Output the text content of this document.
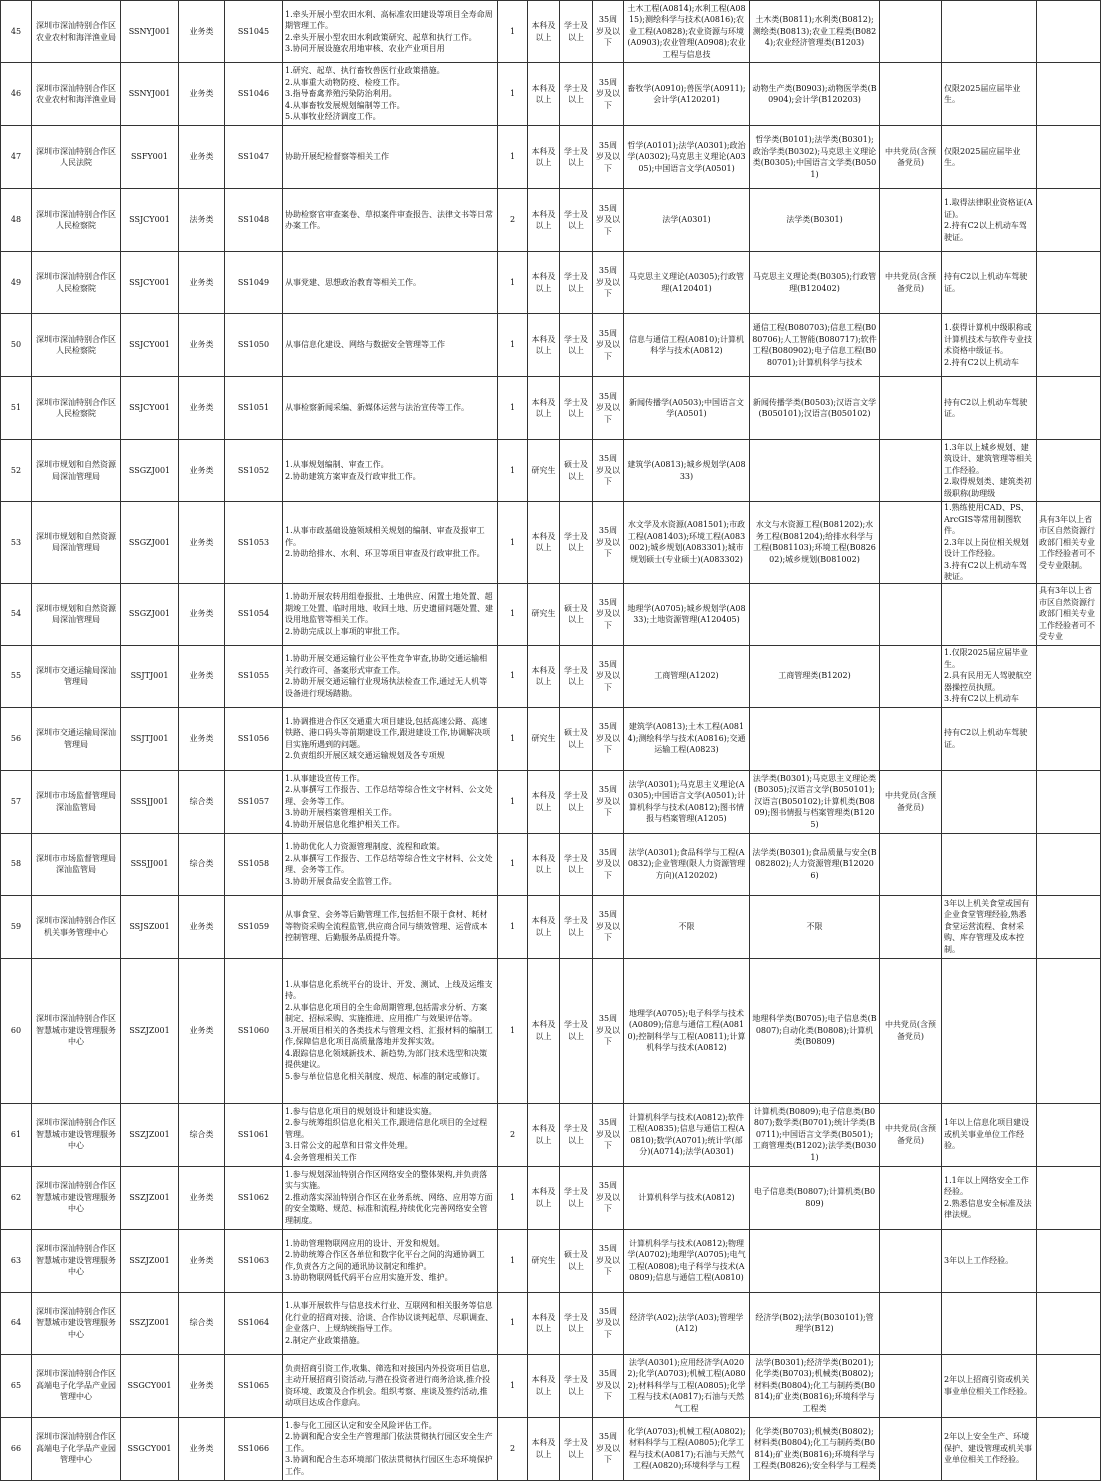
45	深圳市深汕特别合作区农业农村和海洋渔业局	SSNYJ001	业务类	SS1045	1.牵头开展小型农田水利、高标准农田建设等项目全寿命周期管理工作。
2.牵头开展小型农田水利政策研究、起草和执行工作。
3.协同开展设施农用地审核、农业产业项目用	1	本科及以上	学士及以上	35周岁及以下	土木工程(A0814);水利工程(A0815);测绘科学与技术(A0816);农业工程(A0828);农业资源与环境(A0903);农业管理(A0908);农业工程与信息技	土木类(B0811);水利类(B0812);测绘类(B0813);农业工程类(B0824);农业经济管理类(B1203)			
46	深圳市深汕特别合作区农业农村和海洋渔业局	SSNYJ001	业务类	SS1046	1.研究、起草、执行畜牧兽医行业政策措施。
2.从事重大动物防疫、检疫工作。
3.指导畜禽养殖污染防治利用。
4.从事畜牧发展规划编制等工作。
5.从事牧业经济调度工作。	1	本科及以上	学士及以上	35周岁及以下	畜牧学(A0910);兽医学(A0911);会计学(A120201)	动物生产类(B0903);动物医学类(B0904);会计学(B120203)		仅限2025届应届毕业生。	
47	深圳市深汕特别合作区人民法院	SSFY001	业务类	SS1047	协助开展纪检督察等相关工作	1	本科及以上	学士及以上	35周岁及以下	哲学(A0101);法学(A0301);政治学(A0302);马克思主义理论(A0305);中国语言文学(A0501)	哲学类(B0101);法学类(B0301);政治学类(B0302);马克思主义理论类(B0305);中国语言文学类(B0501)	中共党员(含预备党员)	仅限2025届应届毕业生。	
48	深圳市深汕特别合作区人民检察院	SSJCY001	法务类	SS1048	协助检察官审查案卷、草拟案件审查报告、法律文书等日常办案工作。	2	本科及以上	学士及以上	35周岁及以下	法学(A0301)	法学类(B0301)		1.取得法律职业资格证(A证)。
2.持有C2以上机动车驾驶证。	
49	深圳市深汕特别合作区人民检察院	SSJCY001	业务类	SS1049	从事党建、思想政治教育等相关工作。	1	本科及以上	学士及以上	35周岁及以下	马克思主义理论(A0305);行政管理(A120401)	马克思主义理论类(B0305);行政管理(B120402)	中共党员(含预备党员)	持有C2以上机动车驾驶证。	
50	深圳市深汕特别合作区人民检察院	SSJCY001	业务类	SS1050	从事信息化建设、网络与数据安全管理等工作	1	本科及以上	学士及以上	35周岁及以下	信息与通信工程(A0810);计算机科学与技术(A0812)	通信工程(B080703);信息工程(B080706);人工智能(B080717);软件工程(B080902);电子信息工程(B080701);计算机科学与技术		1.获得计算机中级职称或计算机技术与软件专业技术资格中级证书。
2.持有C2以上机动车	
51	深圳市深汕特别合作区人民检察院	SSJCY001	业务类	SS1051	从事检察新闻采编、新媒体运营与法治宣传等工作。	1	本科及以上	学士及以上	35周岁及以下	新闻传播学(A0503);中国语言文学(A0501)	新闻传播学类(B0503);汉语言文学(B050101);汉语言(B050102)		持有C2以上机动车驾驶证。	
52	深圳市规划和自然资源局深汕管理局	SSGZJ001	业务类	SS1052	1.从事规划编制、审查工作。
2.协助建筑方案审查及行政审批工作。	1	研究生	硕士及以上	35周岁及以下	建筑学(A0813);城乡规划学(A0833)			1.3年以上城乡规划、建筑设计、建筑管理等相关工作经验。
2.取得规划类、建筑类初级职称(助理级	
53	深圳市规划和自然资源局深汕管理局	SSGZJ001	业务类	SS1053	1.从事市政基础设施领域相关规划的编制、审查及报审工作。
2.协助给排水、水利、环卫等项目审查及行政审批工作。	1	本科及以上	学士及以上	35周岁及以下	水文学及水资源(A081501);市政工程(A081403);环境工程(A083002);城乡规划(A083301);城市规划硕士(专业硕士)(A083302)	水文与水资源工程(B081202);水务工程(B081204);给排水科学与工程(B081103);环境工程(B082602);城乡规划(B081002)		1.熟练使用CAD、PS、ArcGIS等常用制图软件。
2.3年以上岗位相关规划设计工作经验。
3.持有C2以上机动车驾驶证。	具有3年以上省市区自然资源行政部门相关专业工作经验者可不受专业限制。
54	深圳市规划和自然资源局深汕管理局	SSGZJ001	业务类	SS1054	1.协助开展农转用组卷报批、土地供应、闲置土地处置、超期竣工处置、临时用地、收回土地、历史遗留问题处置、建设用地监管等相关工作。
2.协助完成以上事项的审批工作。	1	研究生	硕士及以上	35周岁及以下	地理学(A0705);城乡规划学(A0833);土地资源管理(A120405)				具有3年以上省市区自然资源行政部门相关专业工作经验者可不受专业
55	深圳市交通运输局深汕管理局	SSJTJ001	业务类	SS1055	1.协助开展交通运输行业公平性竞争审查,协助交通运输相关行政许可、备案形式审查工作。
2.协助开展交通运输行业现场执法检查工作,通过无人机等设备进行现场踏勘。	1	本科及以上	学士及以上	35周岁及以下	工商管理(A1202)	工商管理类(B1202)		1.仅限2025届应届毕业生。
2.具有民用无人驾驶航空器操控员执照。
3.持有C2以上机动车	
56	深圳市交通运输局深汕管理局	SSJTJ001	业务类	SS1056	1.协调推进合作区交通重大项目建设,包括高速公路、高速铁路、港口码头等前期建设工作,跟进建设工作,协调解决项目实施所遇到的问题。
2.负责组织开展区域交通运输规划及各专项规	1	研究生	硕士及以上	35周岁及以下	建筑学(A0813);土木工程(A0814);测绘科学与技术(A0816);交通运输工程(A0823)			持有C2以上机动车驾驶证。	
57	深圳市市场监督管理局深汕监管局	SSSJJ001	综合类	SS1057	1.从事建设宣传工作。
2.从事撰写工作报告、工作总结等综合性文字材料、公文处理、会务等工作。
3.协助开展档案管理相关工作。
4.协助开展信息化维护相关工作。	1	本科及以上	学士及以上	35周岁及以下	法学(A0301);马克思主义理论(A0305);中国语言文学(A0501);计算机科学与技术(A0812);图书情报与档案管理(A1205)	法学类(B0301);马克思主义理论类(B0305);汉语言文学(B050101);汉语言(B050102);计算机类(B0809);图书情报与档案管理类(B1205)	中共党员(含预备党员)		
58	深圳市市场监督管理局深汕监管局	SSSJJ001	综合类	SS1058	1.协助优化人力资源管理制度、流程和政策。
2.从事撰写工作报告、工作总结等综合性文字材料、公文处理、会务等工作。
3.协助开展食品安全监管工作。	1	本科及以上	学士及以上	35周岁及以下	法学(A0301);食品科学与工程(A0832);企业管理(限人力资源管理方向)(A120202)	法学类(B0301);食品质量与安全(B082802);人力资源管理(B120206)			
59	深圳市深汕特别合作区机关事务管理中心	SSJSZ001	业务类	SS1059	从事食堂、会务等后勤管理工作,包括但不限于食材、耗材等物资采购全流程监管,供应商合同与绩效管理、运营成本控制管理、后勤服务品质提升等。	1	本科及以上	学士及以上	35周岁及以下	不限	不限		3年以上机关食堂或国有企业食堂管理经验,熟悉食堂运营流程、食材采购、库存管理及成本控制。	
60	深圳市深汕特别合作区智慧城市建设管理服务中心	SSZJZ001	业务类	SS1060	1.从事信息化系统平台的设计、开发、测试、上线及运维支持。
2.从事信息化项目的全生命周期管理,包括需求分析、方案制定、招标采购、实施推进、应用推广与效果评估等。
3.开展项目相关的各类技术与管理文档、汇报材料的编制工作,保障信息化项目高质量落地并发挥实效。
4.跟踪信息化领域新技术、新趋势,为部门技术选型和决策提供建议。
5.参与单位信息化相关制度、规范、标准的制定或修订。	1	本科及以上	学士及以上	35周岁及以下	地理学(A0705);电子科学与技术(A0809);信息与通信工程(A0810);控制科学与工程(A0811);计算机科学与技术(A0812)	地理科学类(B0705);电子信息类(B0807);自动化类(B0808);计算机类(B0809)	中共党员(含预备党员)		
61	深圳市深汕特别合作区智慧城市建设管理服务中心	SSZJZ001	综合类	SS1061	1.参与信息化项目的规划设计和建设实施。
2.参与统筹组织信息化相关工作,跟进信息化项目的全过程管理。
3.日常公文的起草和日常文件处理。
4.会务管理相关工作	2	本科及以上	学士及以上	35周岁及以下	计算机科学与技术(A0812);软件工程(A0835);信息与通信工程(A0810);数学(A0701);统计学(部分)(A0714);法学(A0301)	计算机类(B0809);电子信息类(B0807);数学类(B0701);统计学类(B0711);中国语言文学类(B0501);工商管理类(B1202);法学类(B0301)	中共党员(含预备党员)	1年以上信息化项目建设或机关事业单位工作经验。	
62	深圳市深汕特别合作区智慧城市建设管理服务中心	SSZJZ001	业务类	SS1062	1.参与规划深汕特别合作区网络安全的整体架构,并负责落实与实施。
2.推动落实深汕特别合作区在业务系统、网络、应用等方面的安全策略、规范、标准和流程,持续优化完善网络安全管理制度。	1	本科及以上	学士及以上	35周岁及以下	计算机科学与技术(A0812)	电子信息类(B0807);计算机类(B0809)		1.1年以上网络安全工作经验。
2.熟悉信息安全标准及法律法规。	
63	深圳市深汕特别合作区智慧城市建设管理服务中心	SSZJZ001	业务类	SS1063	1.协助管理物联网应用的设计、开发和规划。
2.协助统筹合作区各单位和数字化平台之间的沟通协调工作,负责各方之间的通讯协议制定和维护。
3.协助物联网低代码平台应用实施开发、维护。	1	研究生	硕士及以上	35周岁及以下	计算机科学与技术(A0812);物理学(A0702);地理学(A0705);电气工程(A0808);电子科学与技术(A0809);信息与通信工程(A0810)			3年以上工作经验。	
64	深圳市深汕特别合作区智慧城市建设管理服务中心	SSZJZ001	综合类	SS1064	1.从事开展软件与信息技术行业、互联网和相关服务等信息化行业的招商对接、洽谈、合作协议谈判起草、尽职调查、企业落户、上规纳统指导工作。
2.制定产业政策措施。	1	本科及以上	学士及以上	35周岁及以下	经济学(A02);法学(A03);管理学(A12)	经济学(B02);法学(B030101);管理学(B12)			
65	深圳市深汕特别合作区高端电子化学品产业园管理中心	SSGCY001	业务类	SS1065	负责招商引资工作,收集、筛选和对接国内外投资项目信息,主动开展招商引资活动,与潜在投资者进行商务洽谈,推介投资环境、政策及合作机会。组织考察、座谈及签约活动,推动项目达成合作意向。	1	本科及以上	学士及以上	35周岁及以下	法学(A0301);应用经济学(A0202);化学(A0703);机械工程(A0802);材料科学与工程(A0805);化学工程与技术(A0817);石油与天然气工程	法学(B0301);经济学类(B0201);化学类(B0703);机械类(B0802);材料类(B0804);化工与制药类(B0814);矿业类(B0816);环境科学与工程类		2年以上招商引资或机关事业单位相关工作经验。	
66	深圳市深汕特别合作区高端电子化学品产业园管理中心	SSGCY001	业务类	SS1066	1.参与化工园区认定和安全风险评估工作。
2.协调和配合安全生产管理部门依法贯彻执行园区安全生产工作。
3.协调和配合生态环境部门依法贯彻执行园区生态环境保护工作。	2	本科及以上	学士及以上	35周岁及以下	化学(A0703);机械工程(A0802);材料科学与工程(A0805);化学工程与技术(A0817);石油与天然气工程(A0820);环境科学与工程	化学类(B0703);机械类(B0802);材料类(B0804);化工与制药类(B0814);矿业类(B0816);环境科学与工程类(B0826);安全科学与工程类		2年以上安全生产、环境保护、建设管理或机关事业单位相关工作经验。	
